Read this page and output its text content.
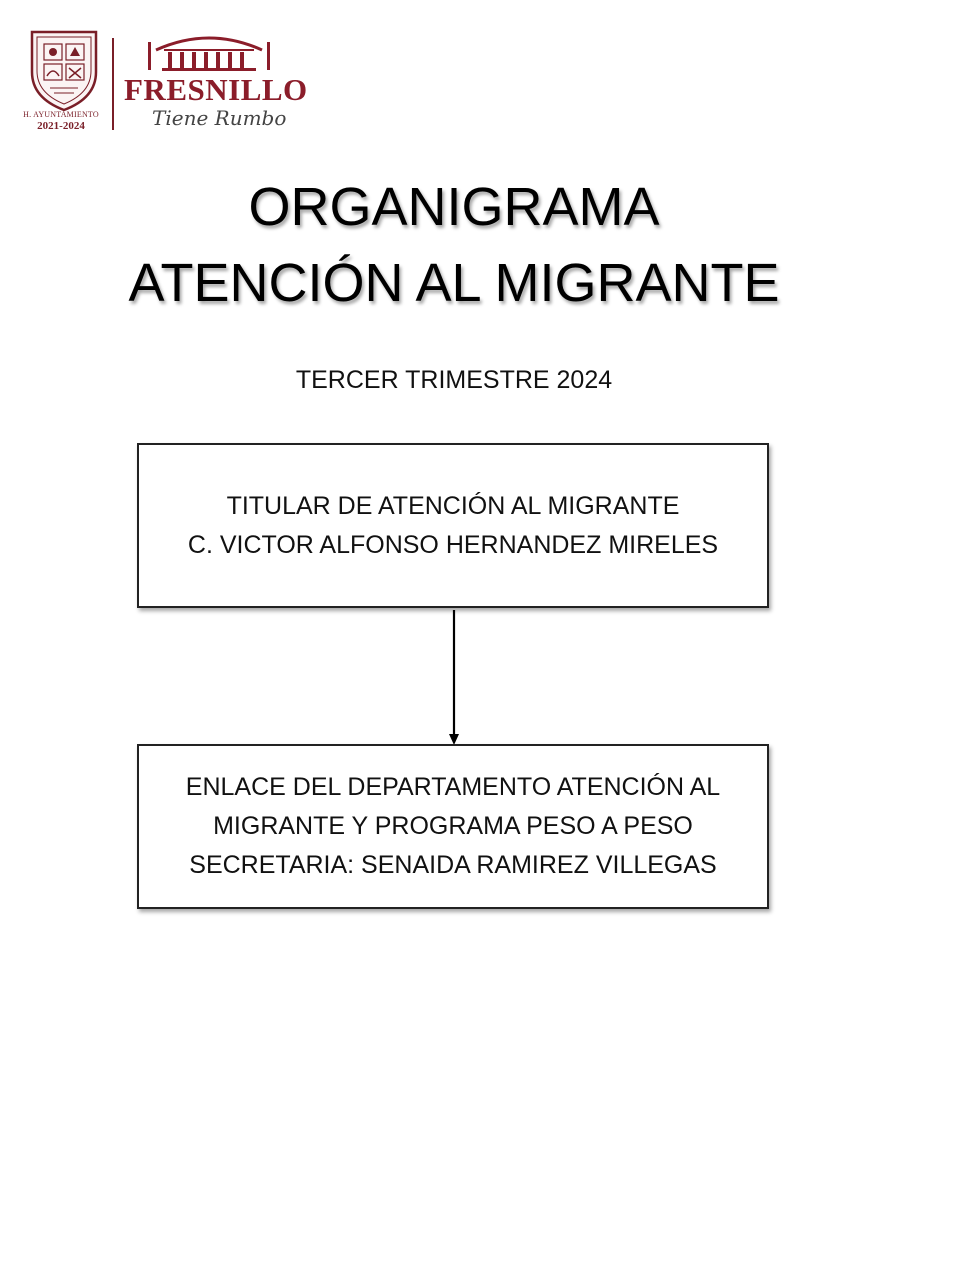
H. AYUNTAMIENTO
2021-2024
FRESNILLO
Tiene Rumbo
ORGANIGRAMA
ATENCIÓN AL MIGRANTE
TERCER TRIMESTRE 2024
TITULAR DE ATENCIÓN AL MIGRANTE
C. VICTOR ALFONSO HERNANDEZ MIRELES
ENLACE DEL DEPARTAMENTO ATENCIÓN AL
MIGRANTE Y PROGRAMA PESO A PESO
SECRETARIA: SENAIDA RAMIREZ VILLEGAS
